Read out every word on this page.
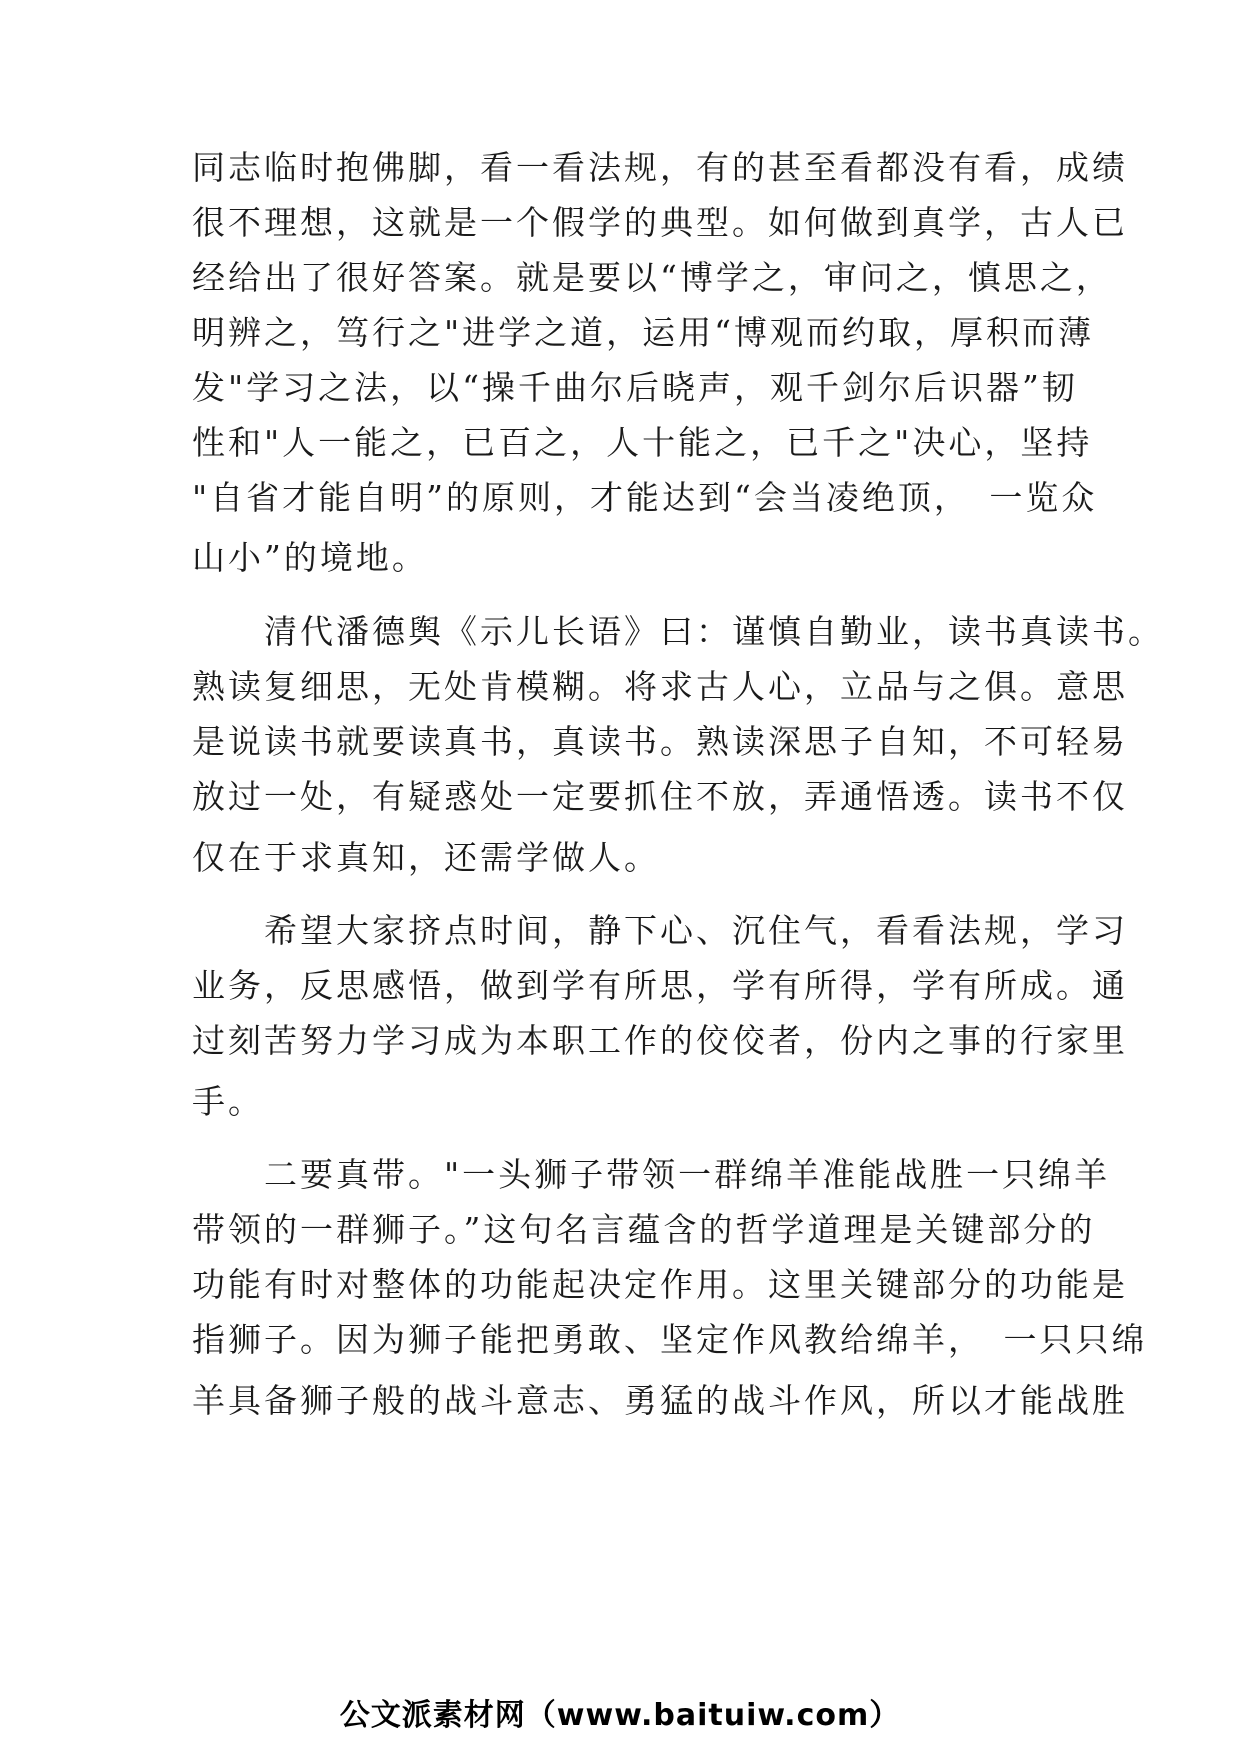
同志临时抱佛脚，看一看法规，有的甚至看都没有看，成绩
很不理想，这就是一个假学的典型。如何做到真学，古人已
经给出了很好答案。就是要以“博学之，审问之，慎思之，
明辨之，笃行之"进学之道，运用“博观而约取，厚积而薄
发"学习之法，以“操千曲尔后晓声，观千剑尔后识器”韧
性和"人一能之，已百之，人十能之，已千之"决心，坚持
"自省才能自明”的原则，才能达到“会当凌绝顶，　一览众
山小”的境地。
　　清代潘德舆《示儿长语》曰：谨慎自勤业，读书真读书。
熟读复细思，无处肯模糊。将求古人心，立品与之俱。意思
是说读书就要读真书，真读书。熟读深思子自知，不可轻易
放过一处，有疑惑处一定要抓住不放，弄通悟透。读书不仅
仅在于求真知，还需学做人。
　　希望大家挤点时间，静下心、沉住气，看看法规，学习
业务，反思感悟，做到学有所思，学有所得，学有所成。通
过刻苦努力学习成为本职工作的佼佼者，份内之事的行家里
手。
　　二要真带。"一头狮子带领一群绵羊准能战胜一只绵羊
带领的一群狮子。”这句名言蕴含的哲学道理是关键部分的
功能有时对整体的功能起决定作用。这里关键部分的功能是
指狮子。因为狮子能把勇敢、坚定作风教给绵羊，　一只只绵
羊具备狮子般的战斗意志、勇猛的战斗作风，所以才能战胜
公文派素材网（www.baituiw.com）
